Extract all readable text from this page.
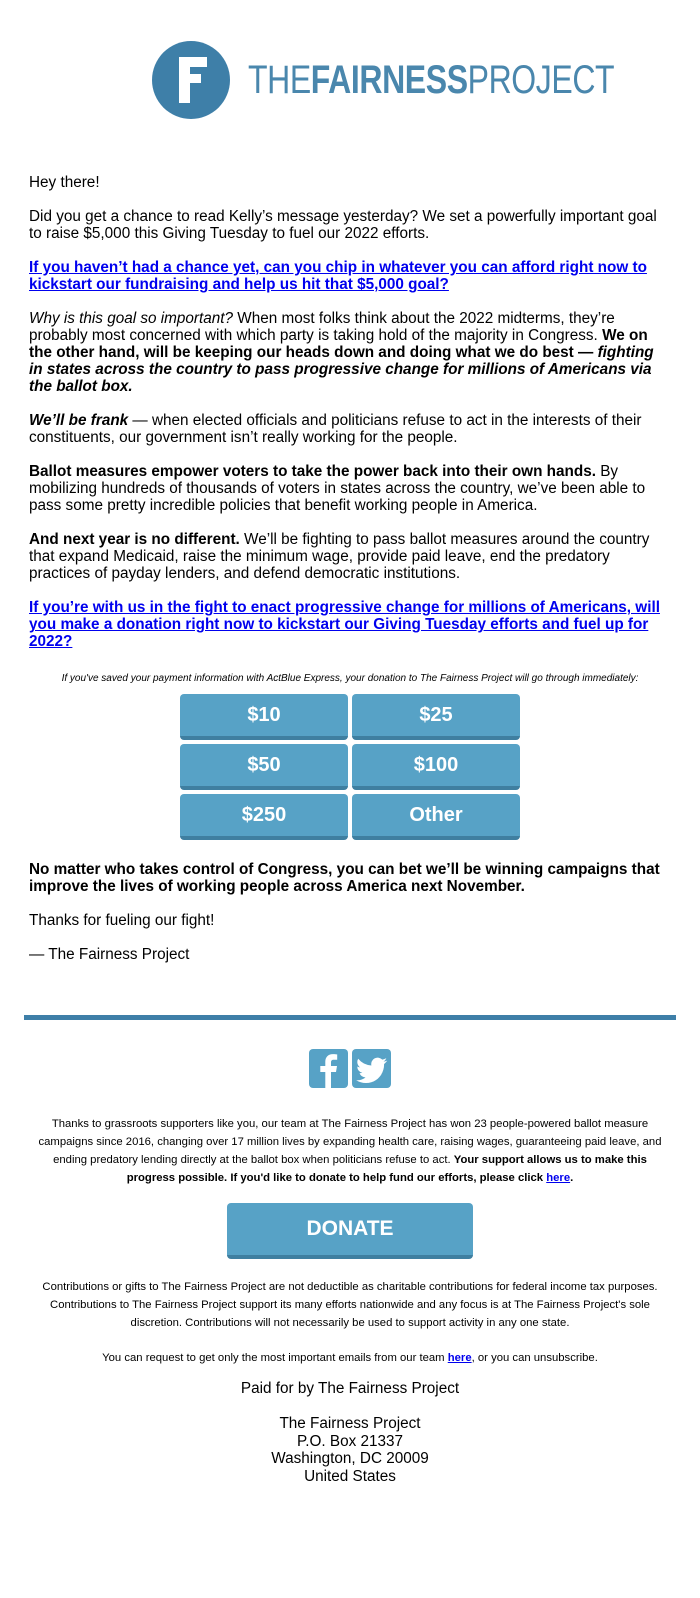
THEFAIRNESSPROJECT

Hey there!

Did you get a chance to read Kelly’s message yesterday? We set a powerfully important goal to raise $5,000 this Giving Tuesday to fuel our 2022 efforts.

If you haven’t had a chance yet, can you chip in whatever you can afford right now to kickstart our fundraising and help us hit that $5,000 goal?

Why is this goal so important? When most folks think about the 2022 midterms, they’re probably most concerned with which party is taking hold of the majority in Congress. We on the other hand, will be keeping our heads down and doing what we do best — fighting in states across the country to pass progressive change for millions of Americans via the ballot box.

We’ll be frank — when elected officials and politicians refuse to act in the interests of their constituents, our government isn’t really working for the people.

Ballot measures empower voters to take the power back into their own hands. By mobilizing hundreds of thousands of voters in states across the country, we’ve been able to pass some pretty incredible policies that benefit working people in America.

And next year is no different. We’ll be fighting to pass ballot measures around the country that expand Medicaid, raise the minimum wage, provide paid leave, end the predatory practices of payday lenders, and defend democratic institutions.

If you’re with us in the fight to enact progressive change for millions of Americans, will you make a donation right now to kickstart our Giving Tuesday efforts and fuel up for 2022?

If you've saved your payment information with ActBlue Express, your donation to The Fairness Project will go through immediately:
$10	$25
$50	$100
$250	Other

No matter who takes control of Congress, you can bet we’ll be winning campaigns that improve the lives of working people across America next November.

Thanks for fueling our fight!

— The Fairness Project

Thanks to grassroots supporters like you, our team at The Fairness Project has won 23 people-powered ballot measure campaigns since 2016, changing over 17 million lives by expanding health care, raising wages, guaranteeing paid leave, and ending predatory lending directly at the ballot box when politicians refuse to act. Your support allows us to make this progress possible. If you'd like to donate to help fund our efforts, please click here.
DONATE
Contributions or gifts to The Fairness Project are not deductible as charitable contributions for federal income tax purposes. Contributions to The Fairness Project support its many efforts nationwide and any focus is at The Fairness Project's sole discretion. Contributions will not necessarily be used to support activity in any one state.
You can request to get only the most important emails from our team here, or you can unsubscribe.
Paid for by The Fairness Project
The Fairness Project
P.O. Box 21337
Washington, DC 20009
United States
